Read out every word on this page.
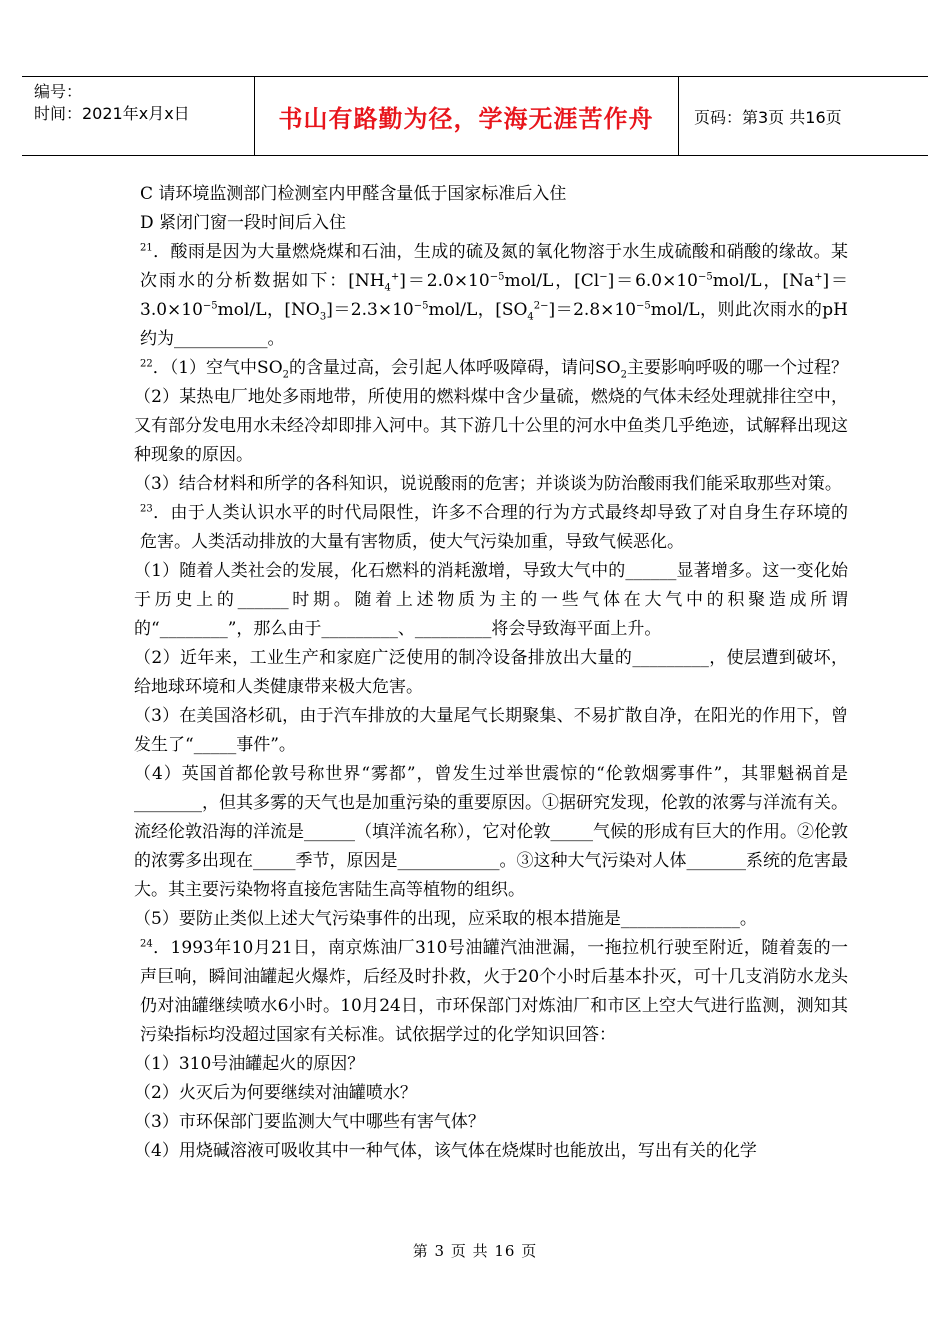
编号：
时间：2021年x月x日	书山有路勤为径，学海无涯苦作舟	页码：第3页 共16页

C 请环境监测部门检测室内甲醛含量低于国家标准后入住

D 紧闭门窗一段时间后入住

$^{21}$．酸雨是因为大量燃烧煤和石油，生成的硫及氮的氧化物溶于水生成硫酸和硝酸的缘故。某次雨水的分析数据如下：$[NH_4^+]=2.0\times 10^{-5}mol/L$，$[Cl^-]=6.0\times 10^{-5}mol/L$，$[Na^+]=3.0\times 10^{-5}mol/L$，$[NO_3]=2.3\times 10^{-5}mol/L$，$[SO_4^{2-}]=2.8\times 10^{-5}mol/L$，则此次雨水的pH约为___________。

$^{22}$．（1）空气中$SO_2$的含量过高，会引起人体呼吸障碍，请问$SO_2$主要影响呼吸的哪一个过程？

（2）某热电厂地处多雨地带，所使用的燃料煤中含少量硫，燃烧的气体未经处理就排往空中，又有部分发电用水未经冷却即排入河中。其下游几十公里的河水中鱼类几乎绝迹，试解释出现这种现象的原因。

（3）结合材料和所学的各科知识，说说酸雨的危害；并谈谈为防治酸雨我们能采取那些对策。

$^{23}$．由于人类认识水平的时代局限性，许多不合理的行为方式最终却导致了对自身生存环境的危害。人类活动排放的大量有害物质，使大气污染加重，导致气候恶化。

（1）随着人类社会的发展，化石燃料的消耗激增，导致大气中的______显著增多。这一变化始于历史上的______时期。随着上述物质为主的一些气体在大气中的积聚造成所谓的“________”，那么由于_________、_________将会导致海平面上升。

（2）近年来，工业生产和家庭广泛使用的制冷设备排放出大量的_________，使层遭到破坏，给地球环境和人类健康带来极大危害。

（3）在美国洛杉矶，由于汽车排放的大量尾气长期聚集、不易扩散自净，在阳光的作用下，曾发生了“_____事件”。

（4）英国首都伦敦号称世界“雾都”，曾发生过举世震惊的“伦敦烟雾事件”，其罪魁祸首是________，但其多雾的天气也是加重污染的重要原因。①据研究发现，伦敦的浓雾与洋流有关。流经伦敦沿海的洋流是______（填洋流名称），它对伦敦_____气候的形成有巨大的作用。②伦敦的浓雾多出现在_____季节，原因是____________。③这种大气污染对人体_______系统的危害最大。其主要污染物将直接危害陆生高等植物的组织。

（5）要防止类似上述大气污染事件的出现，应采取的根本措施是______________。

$^{24}$．1993年10月21日，南京炼油厂310号油罐汽油泄漏，一拖拉机行驶至附近，随着轰的一声巨响，瞬间油罐起火爆炸，后经及时扑救，火于20个小时后基本扑灭，可十几支消防水龙头仍对油罐继续喷水6小时。10月24日，市环保部门对炼油厂和市区上空大气进行监测，测知其污染指标均没超过国家有关标准。试依据学过的化学知识回答：

（1）310号油罐起火的原因？

（2）火灭后为何要继续对油罐喷水？

（3）市环保部门要监测大气中哪些有害气体？

（4）用烧碱溶液可吸收其中一种气体，该气体在烧煤时也能放出，写出有关的化学

第 3 页 共 16 页
